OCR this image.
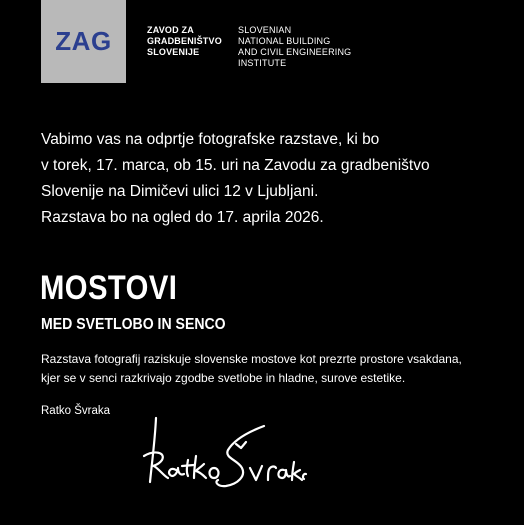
ZAG	ZAVOD ZA
GRADBENIŠTVO
SLOVENIJE
SLOVENIAN
NATIONAL BUILDING
AND CIVIL ENGINEERING
INSTITUTE
Vabimo vas na odprtje fotografske razstave, ki bo
v torek, 17. marca, ob 15. uri na Zavodu za gradbeništvo
Slovenije na Dimičevi ulici 12 v Ljubljani.
Razstava bo na ogled do 17. aprila 2026.
MOSTOVI
MED SVETLOBO IN SENCO
Razstava fotografij raziskuje slovenske mostove kot prezrte prostore vsakdana,
kjer se v senci razkrivajo zgodbe svetlobe in hladne, surove estetike.
Ratko Švraka
